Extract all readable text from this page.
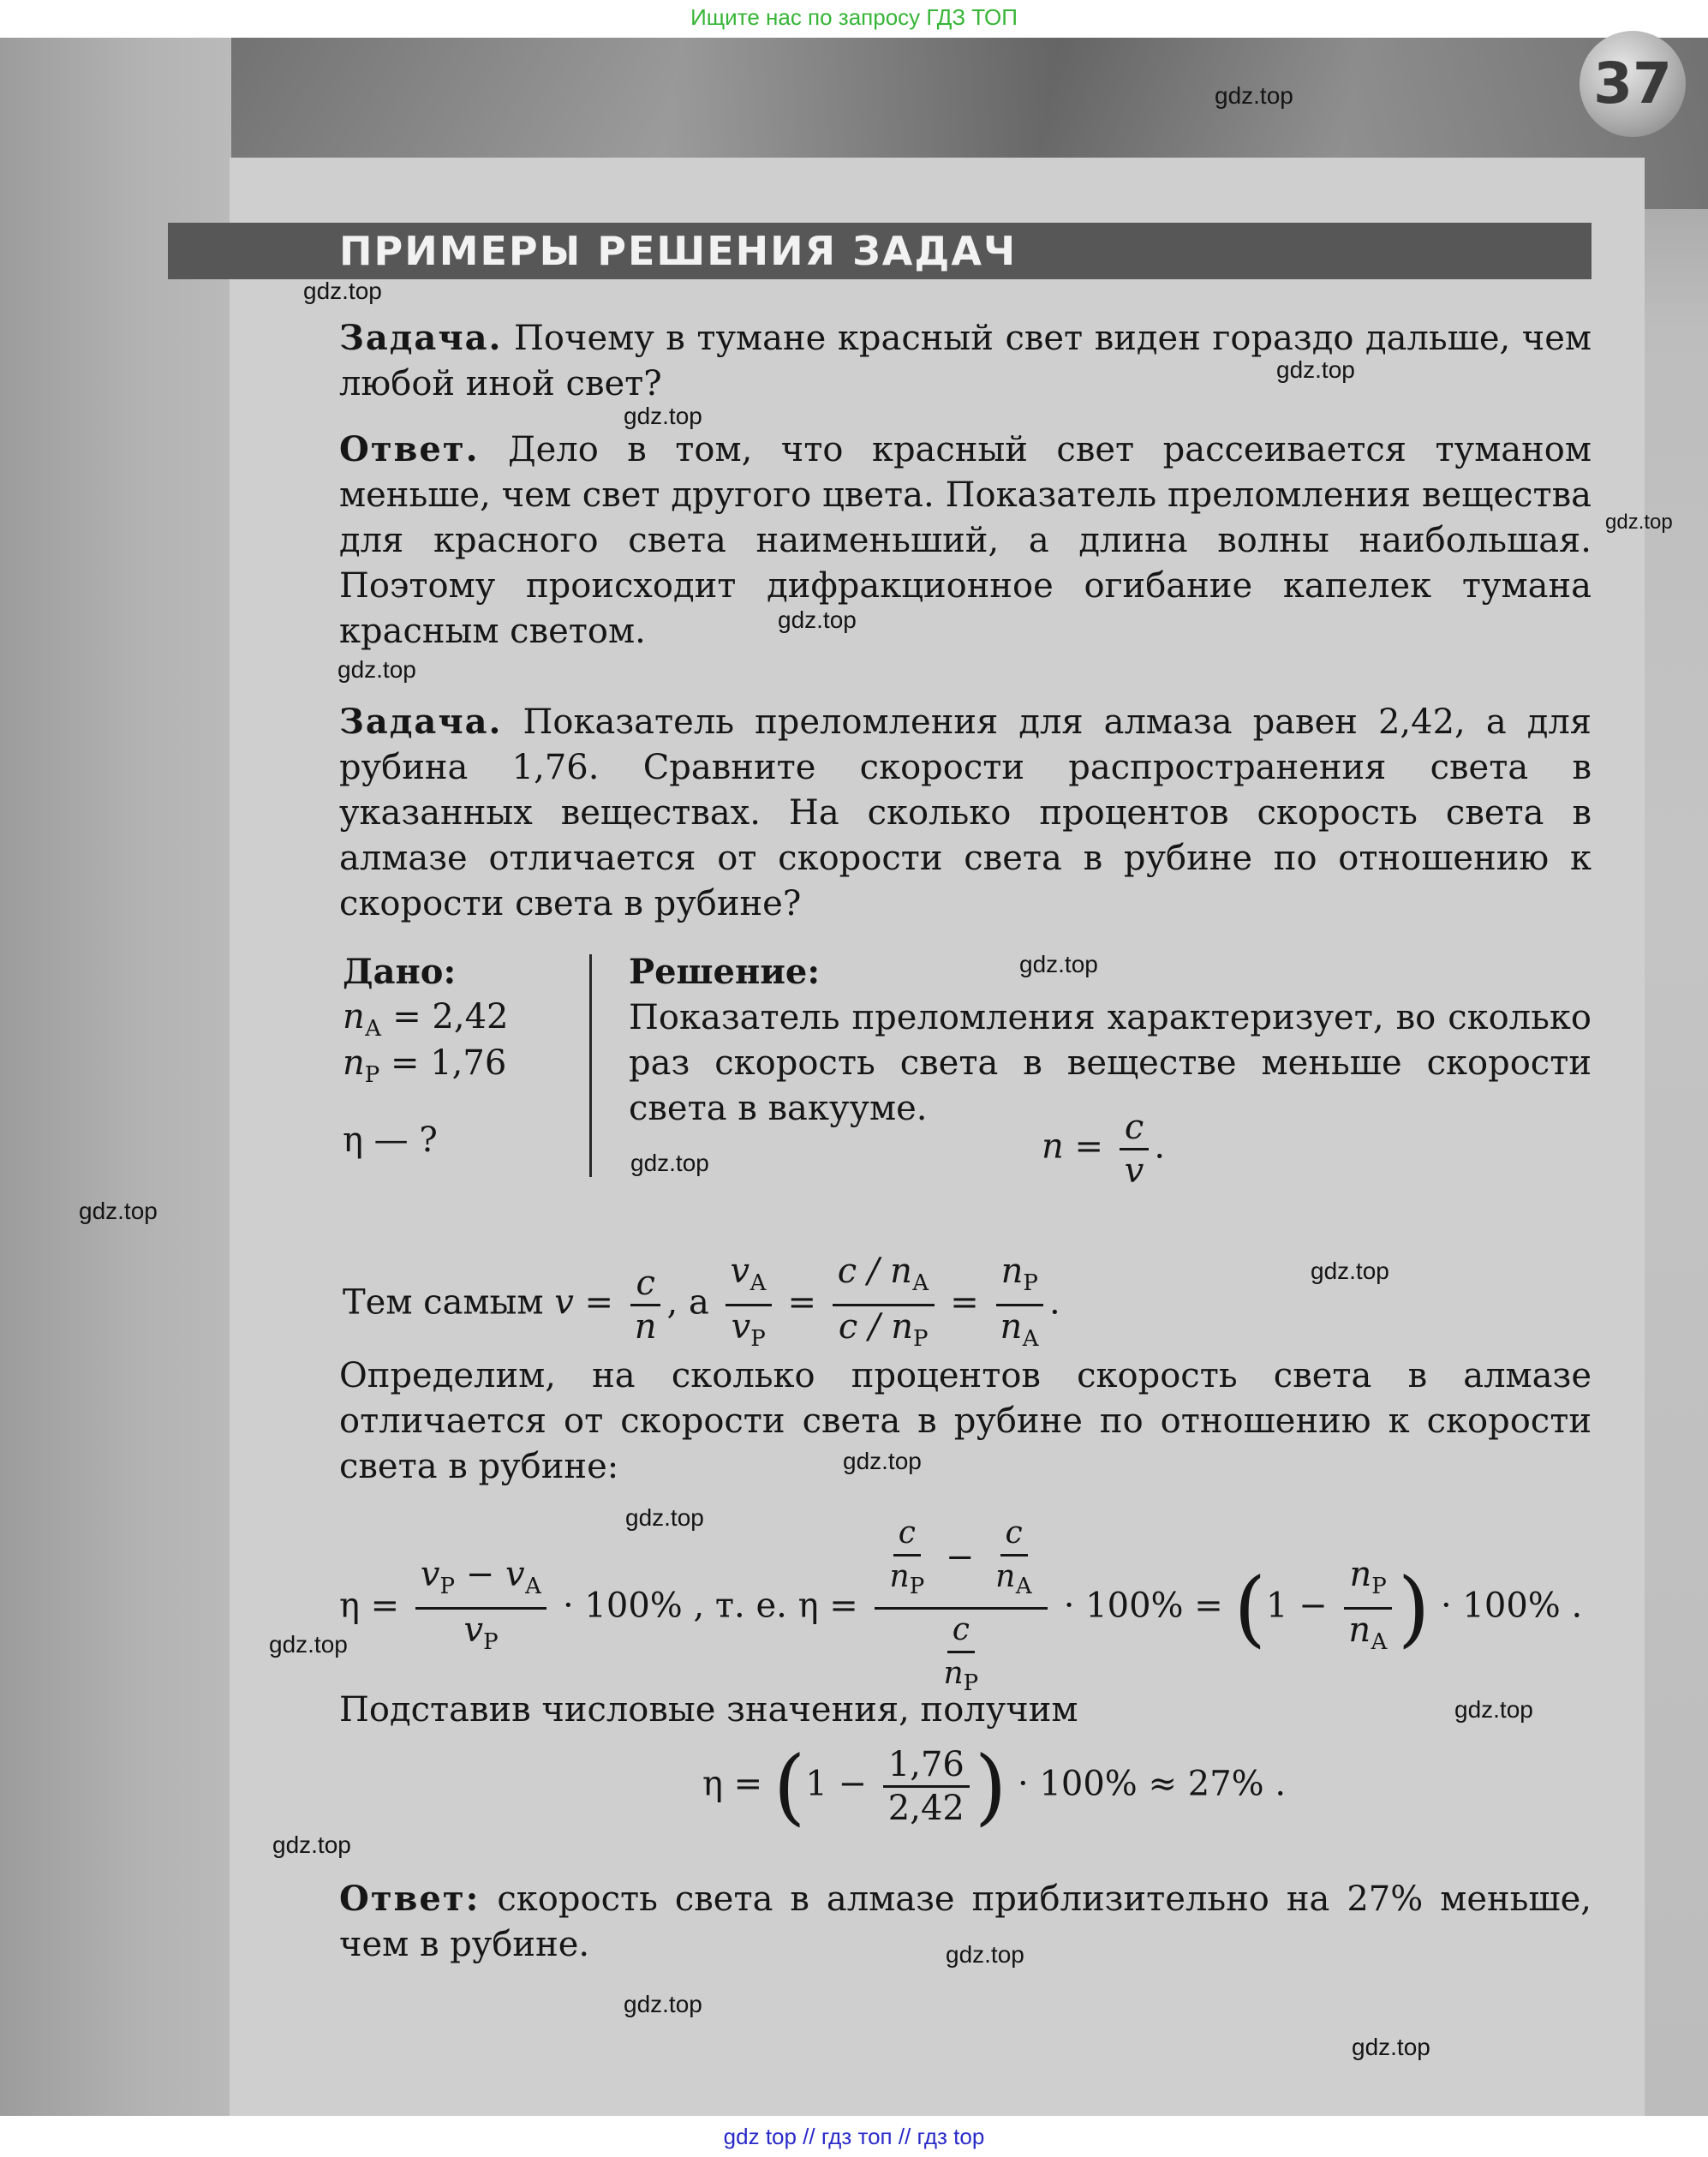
Ищите нас по запросу ГДЗ ТОП
37
ПРИМЕРЫ РЕШЕНИЯ ЗАДАЧ
Задача. Почему в тумане красный свет виден гораздо дальше, чем любой иной свет?
Ответ. Дело в том, что красный свет рассеивается туманом меньше, чем свет другого цвета. Показатель преломления вещества для красного света наименьший, а длина волны наибольшая. Поэтому происходит дифракционное огибание капелек тумана красным светом.
Задача. Показатель преломления для алмаза равен 2,42, а для рубина 1,76. Сравните скорости распространения света в указанных веществах. На сколько процентов скорость света в алмазе отличается от скорости света в рубине по отношению к скорости света в рубине?
Дано:	Решение:
$n_А = 2,42$
$n_Р = 1,76$
η — ?
Показатель преломления характеризует, во сколько раз скорость света в веществе меньше скорости света в вакууме.
$n = \frac{c}{v}$ .
Тем самым $v = \frac{c}{n}$ , а $\frac{v_А}{v_Р} = \frac{c / n_А}{c / n_Р} = \frac{n_Р}{n_А}$ .
Определим, на сколько процентов скорость света в алмазе отличается от скорости света в рубине по отношению к скорости света в рубине:
$\eta = \frac{v_Р - v_А}{v_Р} \cdot 100\%$ , т. е. $\eta = \frac{\frac{c}{n_Р} - \frac{c}{n_А}}{\frac{c}{n_Р}} \cdot 100\% = (1 - \frac{n_Р}{n_А}$ ) · 100% .
Подставив числовые значения, получим
$\eta = (1 - \frac{1,76}{2,42}$ ) · 100% ≈ 27% .
Ответ: скорость света в алмазе приблизительно на 27% меньше, чем в рубине.
gdz.top
gdz.top
gdz.top
gdz.top
gdz.top
gdz.top
gdz.top
gdz.top
gdz.top
gdz.top
gdz.top
gdz.top
gdz.top
gdz.top
gdz.top
gdz.top
gdz.top
gdz.top
gdz.top
gdz top // гдз топ // гдз top
